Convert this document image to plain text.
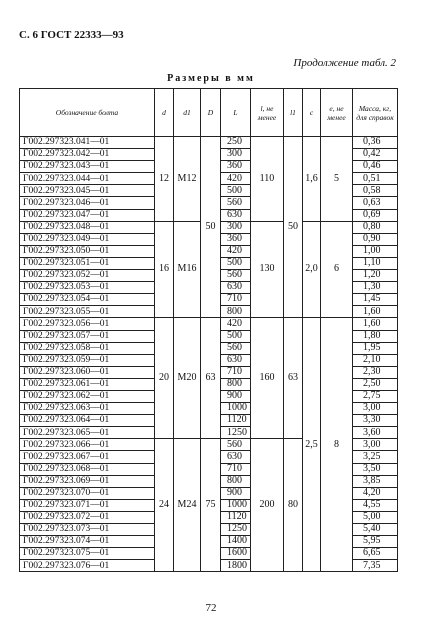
С. 6 ГОСТ 22333—93
Продолжение табл. 2
Размеры в мм
Обозначение болта	d	d1	D	L	l, не менее	l1	c	e, не менее	Масса, кг, для справок
Г002.297323.041—01	12	M12	50	250	110	50	1,6	5	0,36
Г002.297323.042—01				300					0,42
Г002.297323.043—01				360					0,46
Г002.297323.044—01				420					0,51
Г002.297323.045—01				500					0,58
Г002.297323.046—01				560					0,63
Г002.297323.047—01				630					0,69
Г002.297323.048—01	16	M16		300	130		2,0	6	0,80
Г002.297323.049—01				360					0,90
Г002.297323.050—01				420					1,00
Г002.297323.051—01				500					1,10
Г002.297323.052—01				560					1,20
Г002.297323.053—01				630					1,30
Г002.297323.054—01				710					1,45
Г002.297323.055—01				800					1,60
Г002.297323.056—01	20	M20	63	420	160	63	2,5	8	1,60
Г002.297323.057—01				500					1,80
Г002.297323.058—01				560					1,95
Г002.297323.059—01				630					2,10
Г002.297323.060—01				710					2,30
Г002.297323.061—01				800					2,50
Г002.297323.062—01				900					2,75
Г002.297323.063—01				1000					3,00
Г002.297323.064—01				1120					3,30
Г002.297323.065—01				1250					3,60
Г002.297323.066—01	24	M24	75	560	200	80			3,00
Г002.297323.067—01				630					3,25
Г002.297323.068—01				710					3,50
Г002.297323.069—01				800					3,85
Г002.297323.070—01				900					4,20
Г002.297323.071—01				1000					4,55
Г002.297323.072—01				1120					5,00
Г002.297323.073—01				1250					5,40
Г002.297323.074—01				1400					5,95
Г002.297323.075—01				1600					6,65
Г002.297323.076—01				1800					7,35
72
